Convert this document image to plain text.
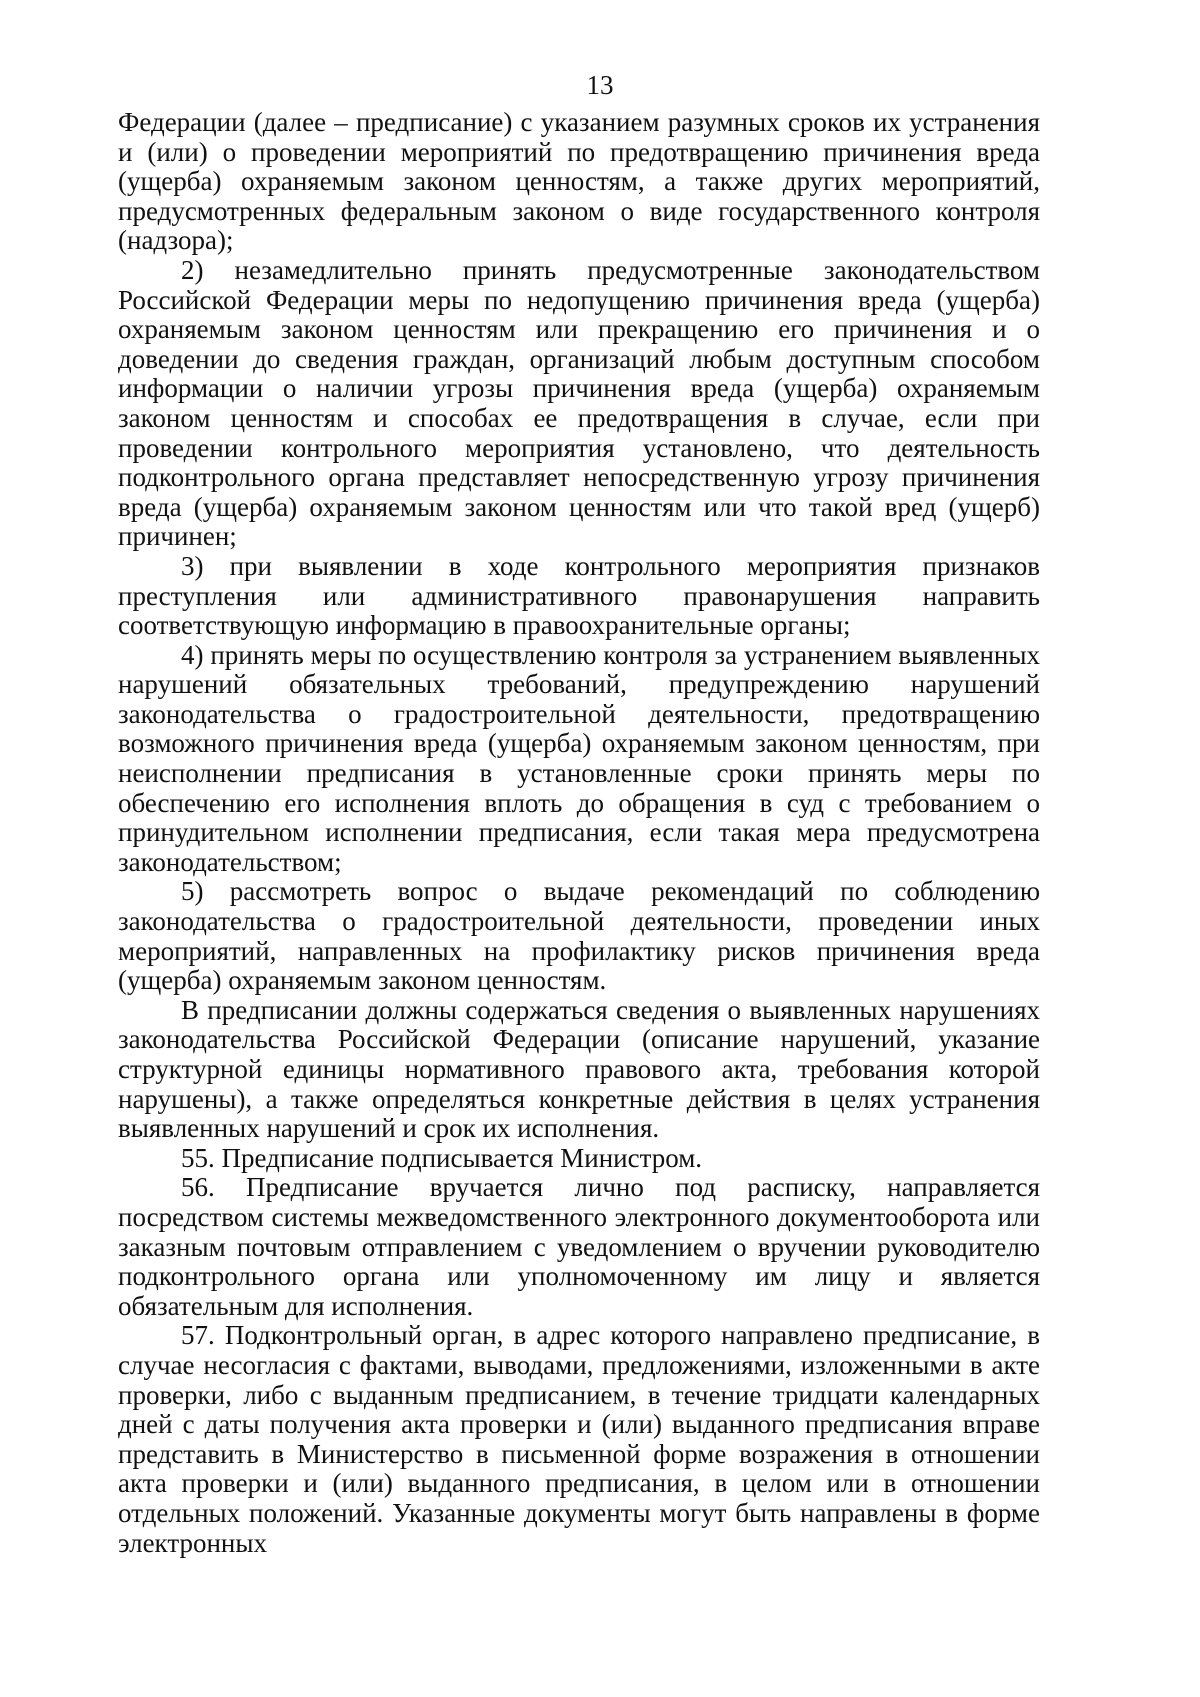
13

Федерации (далее – предписание) с указанием разумных сроков их устранения и (или) о проведении мероприятий по предотвращению причинения вреда (ущерба) охраняемым законом ценностям, а также других мероприятий, предусмотренных федеральным законом о виде государственного контроля (надзора);

2) незамедлительно принять предусмотренные законодательством Российской Федерации меры по недопущению причинения вреда (ущерба) охраняемым законом ценностям или прекращению его причинения и о доведении до сведения граждан, организаций любым доступным способом информации о наличии угрозы причинения вреда (ущерба) охраняемым законом ценностям и способах ее предотвращения в случае, если при проведении контрольного мероприятия установлено, что деятельность подконтрольного органа представляет непосредственную угрозу причинения вреда (ущерба) охраняемым законом ценностям или что такой вред (ущерб) причинен;

3) при выявлении в ходе контрольного мероприятия признаков преступления или административного правонарушения направить соответствующую информацию в правоохранительные органы;

4) принять меры по осуществлению контроля за устранением выявленных нарушений обязательных требований, предупреждению нарушений законодательства о градостроительной деятельности, предотвращению возможного причинения вреда (ущерба) охраняемым законом ценностям, при неисполнении предписания в установленные сроки принять меры по обеспечению его исполнения вплоть до обращения в суд с требованием о принудительном исполнении предписания, если такая мера предусмотрена законодательством;

5) рассмотреть вопрос о выдаче рекомендаций по соблюдению законодательства о градостроительной деятельности, проведении иных мероприятий, направленных на профилактику рисков причинения вреда (ущерба) охраняемым законом ценностям.

В предписании должны содержаться сведения о выявленных нарушениях законодательства Российской Федерации (описание нарушений, указание структурной единицы нормативного правового акта, требования которой нарушены), а также определяться конкретные действия в целях устранения выявленных нарушений и срок их исполнения.

55. Предписание подписывается Министром.

56. Предписание вручается лично под расписку, направляется посредством системы межведомственного электронного документооборота или заказным почтовым отправлением с уведомлением о вручении руководителю подконтрольного органа или уполномоченному им лицу и является обязательным для исполнения.

57. Подконтрольный орган, в адрес которого направлено предписание, в случае несогласия с фактами, выводами, предложениями, изложенными в акте проверки, либо с выданным предписанием, в течение тридцати календарных дней с даты получения акта проверки и (или) выданного предписания вправе представить в Министерство в письменной форме возражения в отношении акта проверки и (или) выданного предписания, в целом или в отношении отдельных положений. Указанные документы могут быть направлены в форме электронных
